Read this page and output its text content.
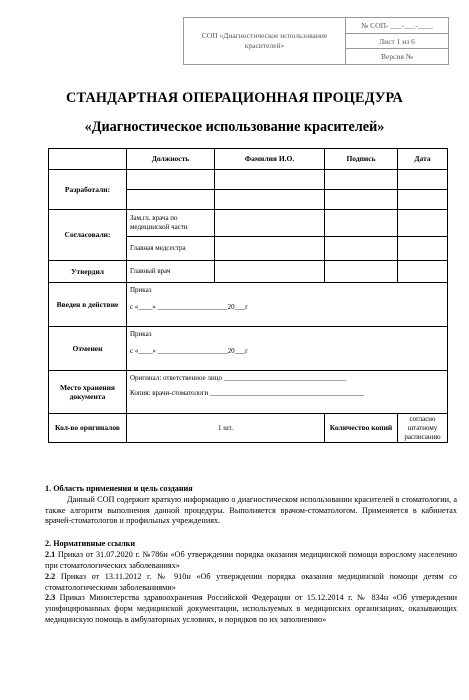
СОП «Диагностическое использование красителей»
№ СОП- ___-___-____
Лист 1 из 6
Версия №
СТАНДАРТНАЯ ОПЕРАЦИОННАЯ ПРОЦЕДУРА
«Диагностическое использование красителей»
	Должность	Фамилия И.О.	Подпись	Дата
Разработали:				

Согласовали:	Зам.гл. врача по медицинской части			
	Главная медсестра			
Утвердил	Главный врач			
Введен в действие	Приказ
с «____» ____________________20___г			

Отменен	Приказ
с «____» ____________________20___г			

Место хранения документа	Оригинал: ответственное лицо ___________________________________
Копия: врачи-стоматологи ____________________________________________			

Кол-во оригиналов	1 шт.		Количество копий	согласно штатному расписанию

1. Область применения и цель создания

Данный СОП содержит краткую информацию о диагностическом использовании красителей в стоматологии, а также алгоритм выполнения данной процедуры. Выполняется врачом-стоматологом. Применяется в кабинетах врачей-стоматологов и профильных учреждениях.

2. Нормативные ссылки

2.1 Приказ от 31.07.2020 г. №786н «Об утверждении порядка оказания медицинской помощи взрослому населению при стоматологических заболеваниях»

2.2 Приказ от 13.11.2012 г. № 910н «Об утверждении порядка оказания медицинской помощи детям со стоматологическими заболеваниями»

2.3 Приказ Министерства здравоохранения Российской Федерации от 15.12.2014 г. № 834н «Об утверждении унифицированных форм медицинской документации, используемых в медицинских организациях, оказывающих медицинскую помощь в амбулаторных условиях, и порядков по их заполнению»
